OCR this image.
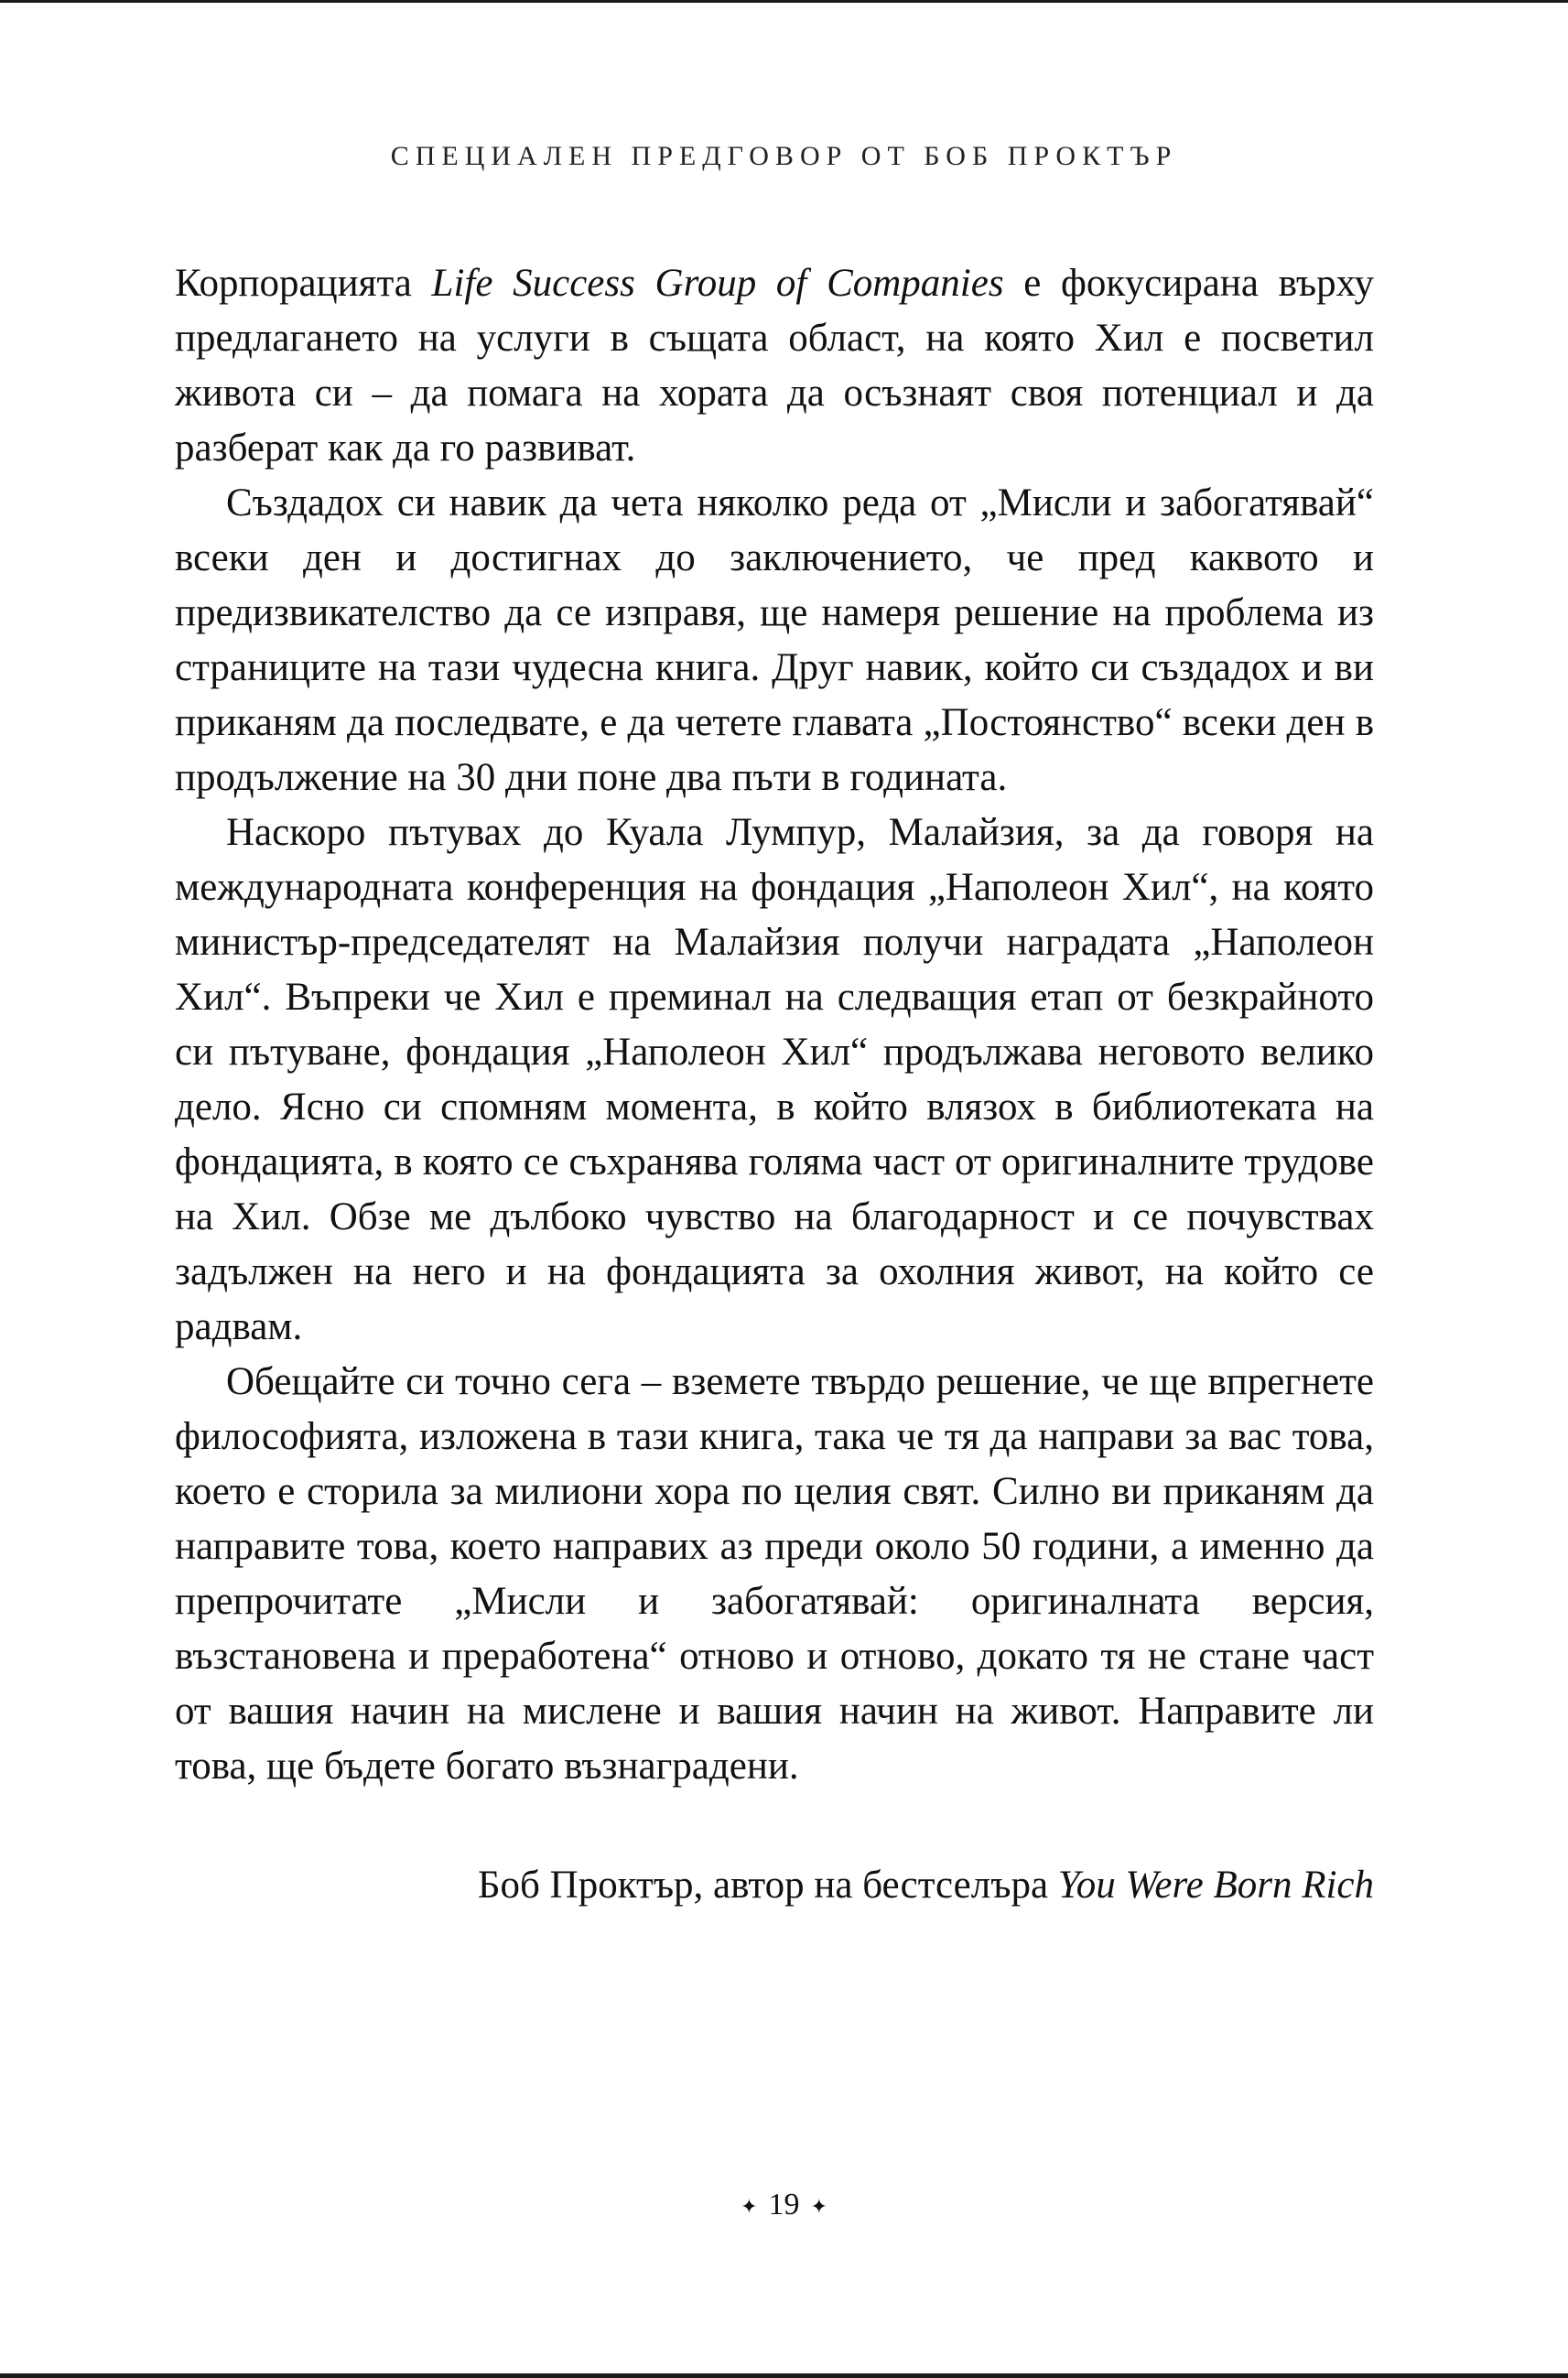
СПЕЦИАЛЕН ПРЕДГОВОР ОТ БОБ ПРОКТЪР

Корпорацията Life Success Group of Companies е фокусирана върху предлагането на услуги в същата област, на която Хил е посветил живота си – да помага на хората да осъзнаят своя потенциал и да разберат как да го развиват.

Създадох си навик да чета няколко реда от „Мисли и забогатявай“ всеки ден и достигнах до заключението, че пред каквото и предизвикателство да се изправя, ще намеря решение на проблема из страниците на тази чудесна книга. Друг навик, който си създадох и ви приканям да последвате, е да четете главата „Постоянство“ всеки ден в продължение на 30 дни поне два пъти в годината.

Наскоро пътувах до Куала Лумпур, Малайзия, за да говоря на международната конференция на фондация „Наполеон Хил“, на която министър-председателят на Малайзия получи наградата „Наполеон Хил“. Въпреки че Хил е преминал на следващия етап от безкрайното си пътуване, фондация „Наполеон Хил“ продължава неговото велико дело. Ясно си спомням момента, в който влязох в библиотеката на фондацията, в която се съхранява голяма част от оригиналните трудове на Хил. Обзе ме дълбоко чувство на благодарност и се почувствах задължен на него и на фондацията за охолния живот, на който се радвам.

Обещайте си точно сега – вземете твърдо решение, че ще впрегнете философията, изложена в тази книга, така че тя да направи за вас това, което е сторила за милиони хора по целия свят. Силно ви приканям да направите това, което направих аз преди около 50 години, а именно да препрочитате „Мисли и забогатявай: оригиналната версия, възстановена и преработена“ отново и отново, докато тя не стане част от вашия начин на мислене и вашия начин на живот. Направите ли това, ще бъдете богато възнаградени.

Боб Проктър, автор на бестселъра You Were Born Rich
✦ 19 ✦
